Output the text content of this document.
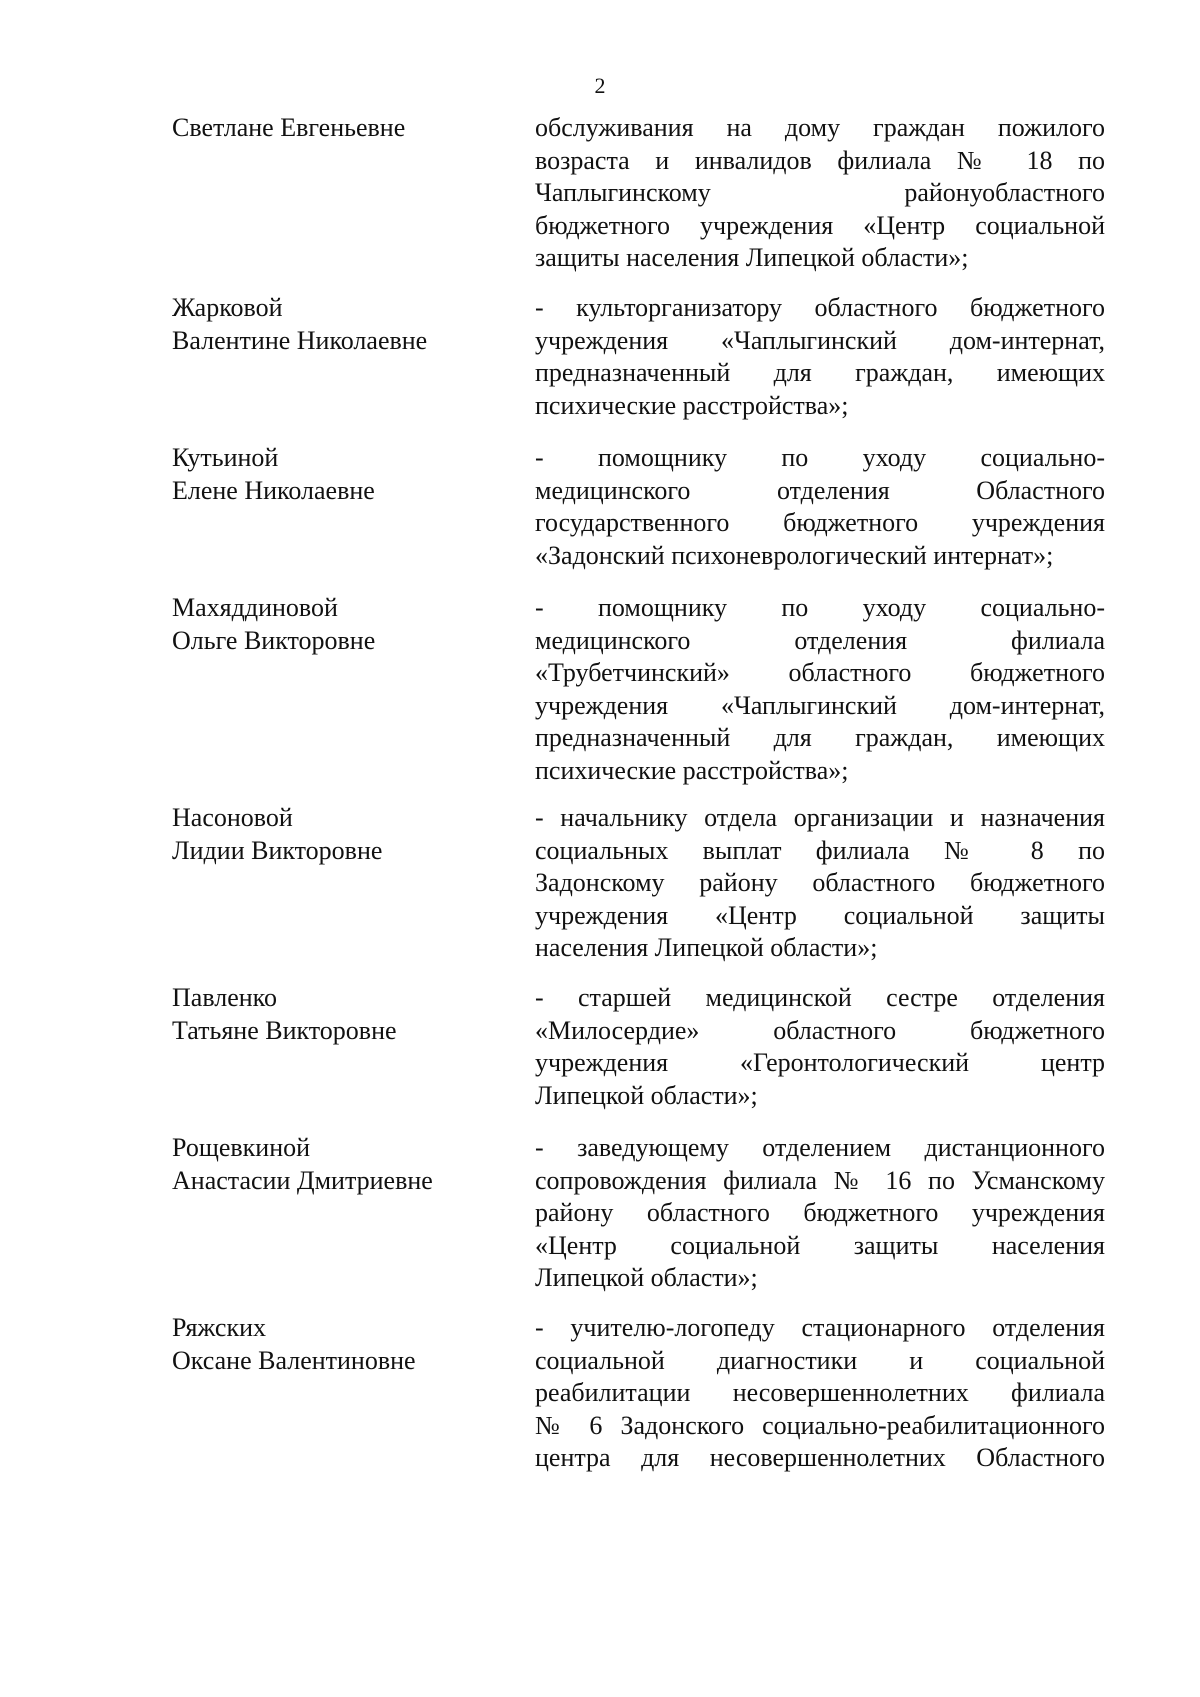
2
Светлане Евгеньевне	обслуживания на дому граждан пожилого
возраста и инвалидов филиала № 18 по
Чаплыгинскому районуобластного
бюджетного учреждения «Центр социальной
защиты населения Липецкой области»;
Жарковой
Валентине Николаевне
- культорганизатору областного бюджетного
учреждения «Чаплыгинский дом-интернат,
предназначенный для граждан, имеющих
психические расстройства»;
Кутьиной
Елене Николаевне
- помощнику по уходу социально-
медицинского отделения Областного
государственного бюджетного учреждения
«Задонский психоневрологический интернат»;
Махяддиновой
Ольге Викторовне
- помощнику по уходу социально-
медицинского отделения филиала
«Трубетчинский» областного бюджетного
учреждения «Чаплыгинский дом-интернат,
предназначенный для граждан, имеющих
психические расстройства»;
Насоновой
Лидии Викторовне
- начальнику отдела организации и назначения
социальных выплат филиала № 8 по
Задонскому району областного бюджетного
учреждения «Центр социальной защиты
населения Липецкой области»;
Павленко
Татьяне Викторовне
- старшей медицинской сестре отделения
«Милосердие» областного бюджетного
учреждения «Геронтологический центр
Липецкой области»;
Рощевкиной
Анастасии Дмитриевне
- заведующему отделением дистанционного
сопровождения филиала № 16 по Усманскому
району областного бюджетного учреждения
«Центр социальной защиты населения
Липецкой области»;
Ряжских
Оксане Валентиновне
- учителю-логопеду стационарного отделения
социальной диагностики и социальной
реабилитации несовершеннолетних филиала
№ 6 Задонского социально-реабилитационного
центра для несовершеннолетних Областного
